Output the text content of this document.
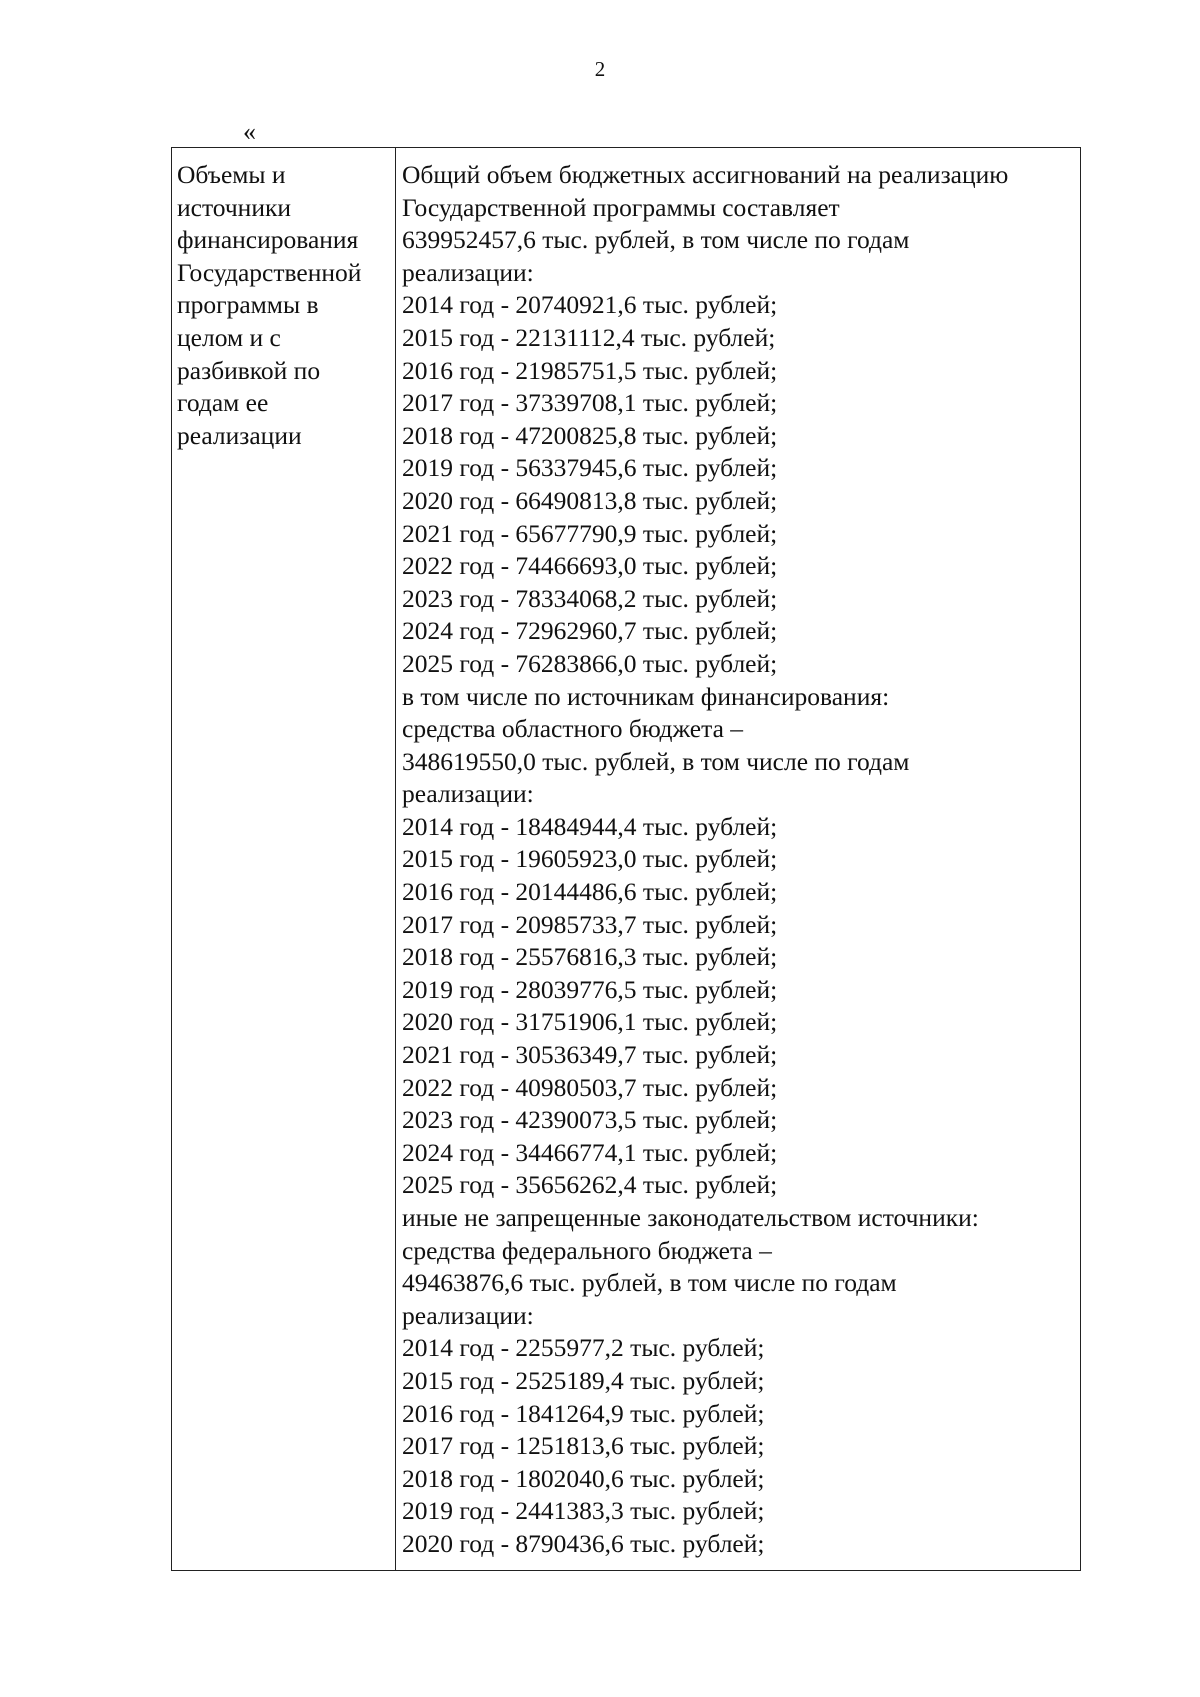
2
«
Объемы и
источники
финансирования
Государственной
программы в
целом и с
разбивкой по
годам ее
реализации
Общий объем бюджетных ассигнований на реализацию
Государственной программы составляет
639952457,6 тыс. рублей, в том числе по годам
реализации:
2014 год - 20740921,6 тыс. рублей;
2015 год - 22131112,4 тыс. рублей;
2016 год - 21985751,5 тыс. рублей;
2017 год - 37339708,1 тыс. рублей;
2018 год - 47200825,8 тыс. рублей;
2019 год - 56337945,6 тыс. рублей;
2020 год - 66490813,8 тыс. рублей;
2021 год - 65677790,9 тыс. рублей;
2022 год - 74466693,0 тыс. рублей;
2023 год - 78334068,2 тыс. рублей;
2024 год - 72962960,7 тыс. рублей;
2025 год - 76283866,0 тыс. рублей;
в том числе по источникам финансирования:
средства областного бюджета –
348619550,0 тыс. рублей, в том числе по годам
реализации:
2014 год - 18484944,4 тыс. рублей;
2015 год - 19605923,0 тыс. рублей;
2016 год - 20144486,6 тыс. рублей;
2017 год - 20985733,7 тыс. рублей;
2018 год - 25576816,3 тыс. рублей;
2019 год - 28039776,5 тыс. рублей;
2020 год - 31751906,1 тыс. рублей;
2021 год - 30536349,7 тыс. рублей;
2022 год - 40980503,7 тыс. рублей;
2023 год - 42390073,5 тыс. рублей;
2024 год - 34466774,1 тыс. рублей;
2025 год - 35656262,4 тыс. рублей;
иные не запрещенные законодательством источники:
средства федерального бюджета –
49463876,6 тыс. рублей, в том числе по годам
реализации:
2014 год - 2255977,2 тыс. рублей;
2015 год - 2525189,4 тыс. рублей;
2016 год - 1841264,9 тыс. рублей;
2017 год - 1251813,6 тыс. рублей;
2018 год - 1802040,6 тыс. рублей;
2019 год - 2441383,3 тыс. рублей;
2020 год - 8790436,6 тыс. рублей;
